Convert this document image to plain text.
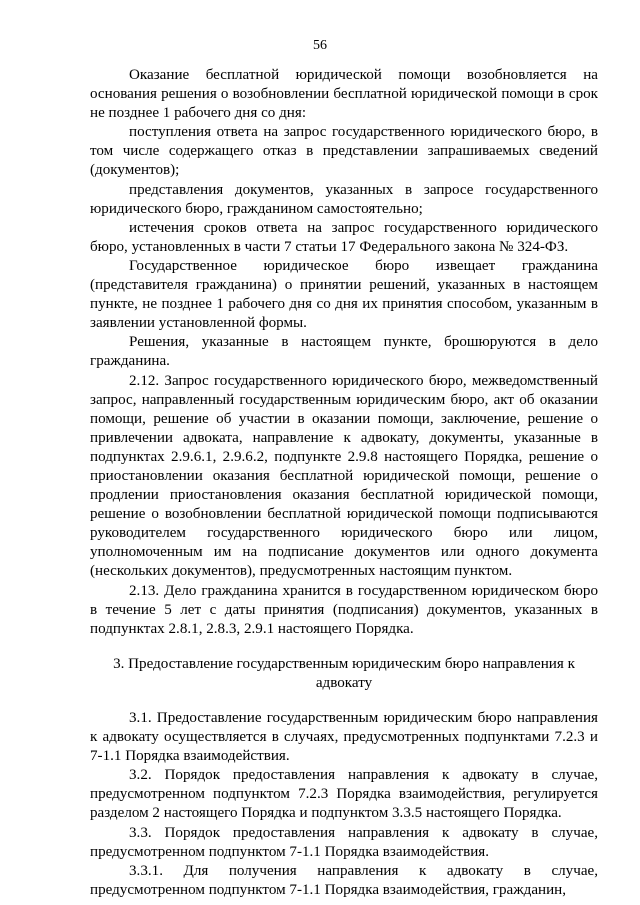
56

Оказание бесплатной юридической помощи возобновляется на основания решения о возобновлении бесплатной юридической помощи в срок не позднее 1 рабочего дня со дня:

поступления ответа на запрос государственного юридического бюро, в том числе содержащего отказ в представлении запрашиваемых сведений (документов);

представления документов, указанных в запросе государственного юридического бюро, гражданином самостоятельно;

истечения сроков ответа на запрос государственного юридического бюро, установленных в части 7 статьи 17 Федерального закона № 324-ФЗ.

Государственное юридическое бюро извещает гражданина (представителя гражданина) о принятии решений, указанных в настоящем пункте, не позднее 1 рабочего дня со дня их принятия способом, указанным в заявлении установленной формы.

Решения, указанные в настоящем пункте, брошюруются в дело гражданина.

2.12. Запрос государственного юридического бюро, межведомственный запрос, направленный государственным юридическим бюро, акт об оказании помощи, решение об участии в оказании помощи, заключение, решение о привлечении адвоката, направление к адвокату, документы, указанные в подпунктах 2.9.6.1, 2.9.6.2, подпункте 2.9.8 настоящего Порядка, решение о приостановлении оказания бесплатной юридической помощи, решение о продлении приостановления оказания бесплатной юридической помощи, решение о возобновлении бесплатной юридической помощи подписываются руководителем государственного юридического бюро или лицом, уполномоченным им на подписание документов или одного документа (нескольких документов), предусмотренных настоящим пунктом.

2.13. Дело гражданина хранится в государственном юридическом бюро в течение 5 лет с даты принятия (подписания) документов, указанных в подпунктах 2.8.1, 2.8.3, 2.9.1 настоящего Порядка.

3. Предоставление государственным юридическим бюро направления к адвокату

3.1. Предоставление государственным юридическим бюро направления к адвокату осуществляется в случаях, предусмотренных подпунктами 7.2.3 и 7-1.1 Порядка взаимодействия.

3.2. Порядок предоставления направления к адвокату в случае, предусмотренном подпунктом 7.2.3 Порядка взаимодействия, регулируется разделом 2 настоящего Порядка и подпунктом 3.3.5 настоящего Порядка.

3.3. Порядок предоставления направления к адвокату в случае, предусмотренном подпунктом 7-1.1 Порядка взаимодействия.

3.3.1. Для получения направления к адвокату в случае, предусмотренном подпунктом 7-1.1 Порядка взаимодействия, гражданин,
